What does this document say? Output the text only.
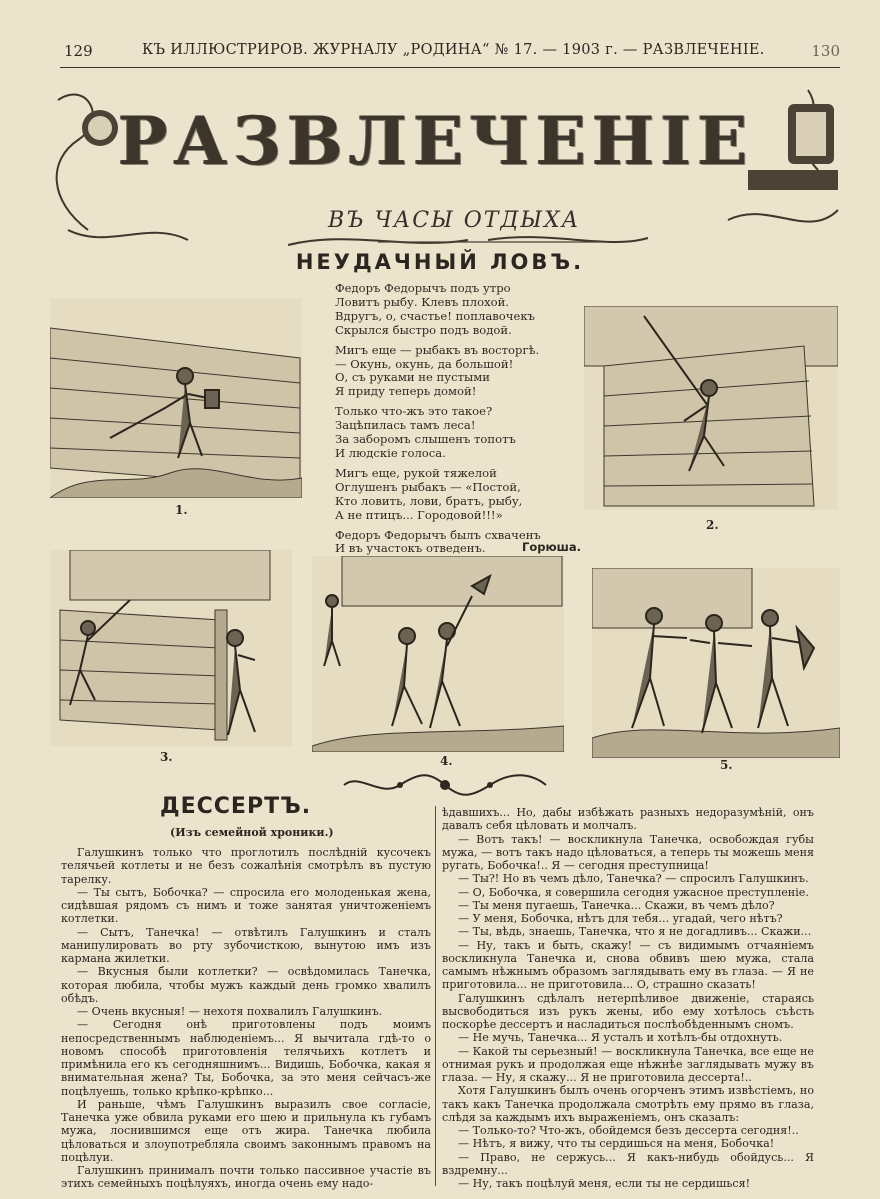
129	КЪ ИЛЛЮСТРИРОВ. ЖУРНАЛУ „РОДИНА“ № 17. — 1903 г. — РАЗВЛЕЧЕНІЕ.	130
РАЗВЛЕЧЕНІЕ
ВЪ ЧАСЫ ОТДЫХА
НЕУДАЧНЫЙ ЛОВЪ.
Федоръ Федорычъ подъ утро
Ловитъ рыбу. Клевъ плохой.
Вдругъ, о, счастье! поплавочекъ
Скрылся быстро подъ водой.
Мигъ еще — рыбакъ въ восторгѣ.
— Окунь, окунь, да большой!
О, съ руками не пустыми
Я приду теперь домой!
Только что-жъ это такое?
Зацѣпилась тамъ леса!
За заборомъ слышенъ топотъ
И людскіе голоса.
Мигъ еще, рукой тяжелой
Оглушенъ рыбакъ — «Постой,
Кто ловить, лови, братъ, рыбу,
А не птицъ... Городовой!!!»
Федоръ Федорычъ былъ схваченъ
И въ участокъ отведенъ.	Горюша.
1.
2.
3.	4.	5.
ДЕССЕРТЪ.
(Изъ семейной хроники.)

Галушкинъ только что проглотилъ послѣдній кусочекъ телячьей котлеты и не безъ сожалѣнія смотрѣлъ въ пустую тарелку.

— Ты сытъ, Бобочка? — спросила его молоденькая жена, сидѣвшая рядомъ съ нимъ и тоже занятая уничтоженіемъ котлетки.

— Сытъ, Танечка! — отвѣтилъ Галушкинъ и сталъ манипулировать во рту зубочисткою, вынутою имъ изъ кармана жилетки.

— Вкусныя были котлетки? — освѣдомилась Танечка, которая любила, чтобы мужъ каждый день громко хвалилъ обѣдъ.

— Очень вкусныя! — нехотя похвалилъ Галушкинъ.

— Сегодня онѣ приготовлены подъ моимъ непосредственнымъ наблюденіемъ... Я вычитала гдѣ-то о новомъ способѣ приготовленія телячьихъ котлетъ и примѣнила его къ сегодняшнимъ... Видишь, Бобочка, какая я внимательная жена? Ты, Бобочка, за это меня сейчасъ-же поцѣлуешь, только крѣпко-крѣпко...

И раньше, чѣмъ Галушкинъ выразилъ свое согласіе, Танечка уже обвила руками его шею и прильнула къ губамъ мужа, лоснившимся еще отъ жира. Танечка любила цѣловаться и злоупотребляла своимъ законнымъ правомъ на поцѣлуи.

Галушкинъ принималъ почти только пассивное участіе въ этихъ семейныхъ поцѣлуяхъ, иногда очень ему надо-

ѣдавшихъ... Но, дабы избѣжать разныхъ недоразумѣній, онъ давалъ себя цѣловать и молчалъ.

— Вотъ такъ! — воскликнула Танечка, освобождая губы мужа, — вотъ такъ надо цѣловаться, а теперь ты можешь меня ругать, Бобочка!.. Я — сегодня преступница!

— Ты?! Но въ чемъ дѣло, Танечка? — спросилъ Галушкинъ.

— О, Бобочка, я совершила сегодня ужасное преступленіе.

— Ты меня пугаешь, Танечка... Скажи, въ чемъ дѣло?

— У меня, Бобочка, нѣтъ для тебя... угадай, чего нѣтъ?

— Ты, вѣдь, знаешь, Танечка, что я не догадливъ... Скажи...

— Ну, такъ и быть, скажу! — съ видимымъ отчаяніемъ воскликнула Танечка и, снова обвивъ шею мужа, стала самымъ нѣжнымъ образомъ заглядывать ему въ глаза. — Я не приготовила... не приготовила... О, страшно сказать!

Галушкинъ сдѣлалъ нетерпѣливое движеніе, стараясь высвободиться изъ рукъ жены, ибо ему хотѣлось съѣсть поскорѣе дессертъ и насладиться послѣобѣденнымъ сномъ.

— Не мучь, Танечка... Я усталъ и хотѣлъ-бы отдохнуть.

— Какой ты серьезный! — воскликнула Танечка, все еще не отнимая рукъ и продолжая еще нѣжнѣе заглядывать мужу въ глаза. — Ну, я скажу... Я не приготовила дессерта!..

Хотя Галушкинъ былъ очень огорченъ этимъ извѣстіемъ, но такъ какъ Танечка продолжала смотрѣть ему прямо въ глаза, слѣдя за каждымъ ихъ выраженіемъ, онъ сказалъ:

— Только-то? Что-жъ, обойдемся безъ дессерта сегодня!..

— Нѣтъ, я вижу, что ты сердишься на меня, Бобочка!

— Право, не сержусь... Я какъ-нибудь обойдусь... Я вздремну...

— Ну, такъ поцѣлуй меня, если ты не сердишься!
